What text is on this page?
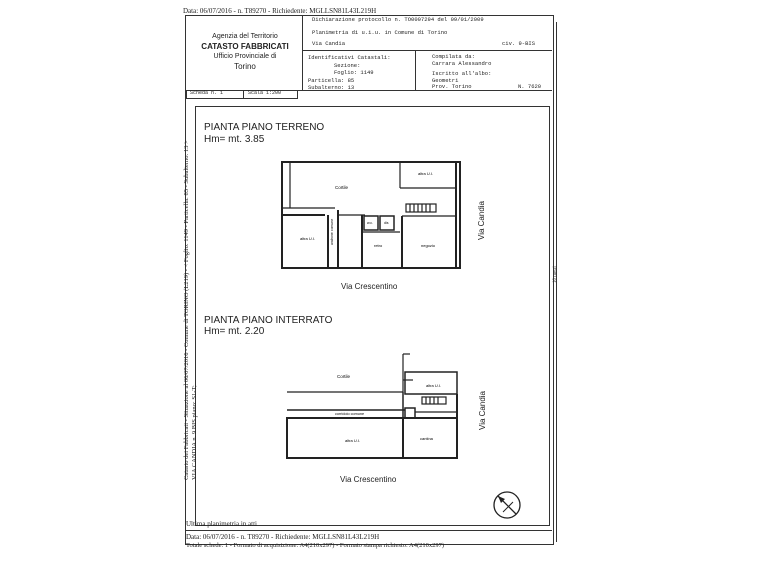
Data: 06/07/2016 - n. T89270 - Richiedente: MGLLSN81L43L219H
Agenzia del Territorio
CATASTO FABBRICATI
Ufficio Provinciale di
Torino
Dichiarazione protocollo n. TO0007294 del 09/01/2009
Planimetria di u.i.u. in Comune di Torino
Via Candia	civ. 9-BIS
Identificativi Catastali:
Sezione:
Foglio: 1149
Particella: 85
Subalterno: 13
Compilata da:
Carrara Alessandro
Iscritto all'albo:
Geometri
Prov. Torino	N. 7620
Scheda n. 1	Scala 1:200
10 metri
Catasto dei Fabbricati - Situazione al 06/07/2016 - Comune di TORINO (L219) - < Foglio: 1149 - Particella: 85 - Subalterno: 13 > VIA CANDIA n. 9 BIS piano: S1-T;
PIANTA PIANO TERRENO
Hm= mt. 3.85
Cortile
altra U.I.
altra U.I.	androne comune	w.c.	dis
retro	negozio
Via Candia
Via Crescentino
PIANTA PIANO INTERRATO
Hm= mt. 2.20
Cortile
altra U.I.
corridoio comune
altra U.I.	cantina
Via Candia
Via Crescentino
Ultima planimetria in atti
Data: 06/07/2016 - n. T89270 - Richiedente: MGLLSN81L43L219H
Totale schede: 1 - Formato di acquisizione: A4(210x297) - Formato stampa richiesto: A4(210x297)
